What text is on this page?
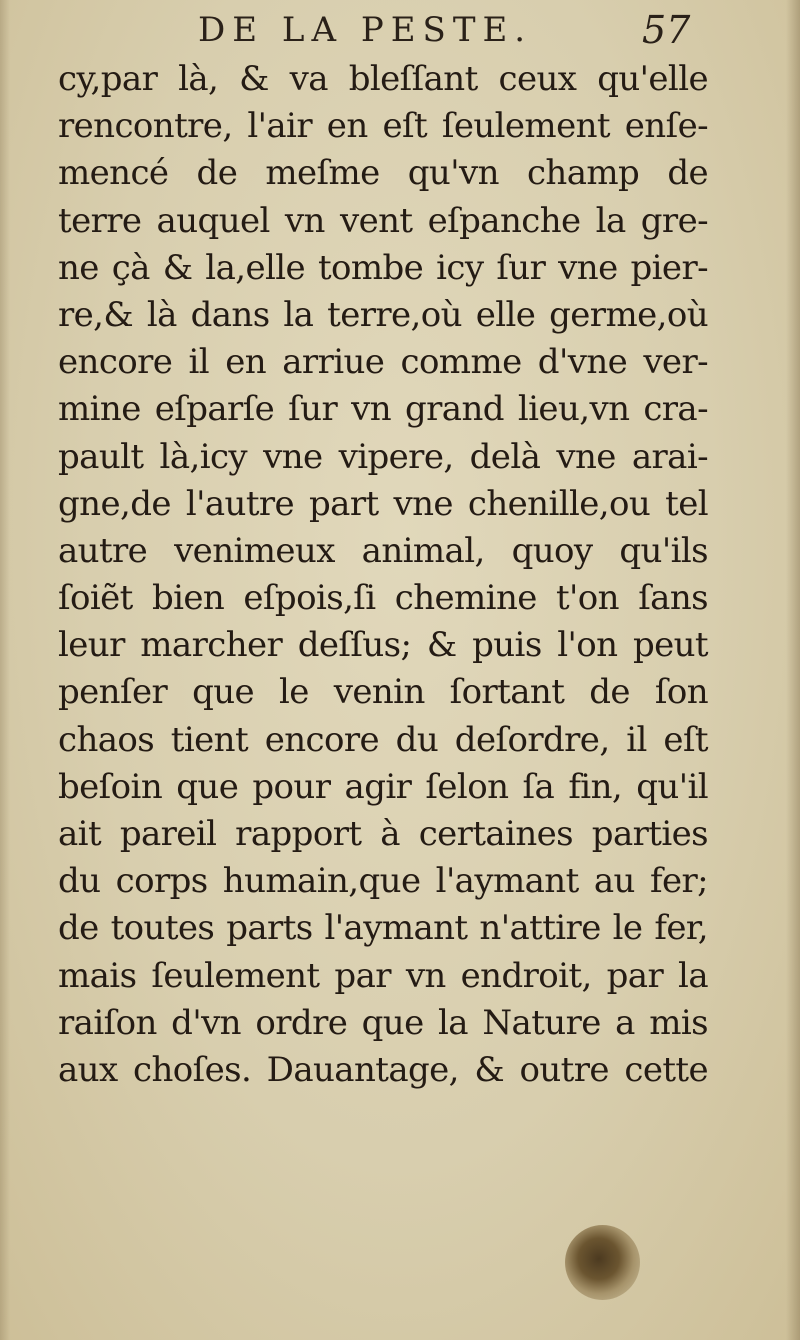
DE LA PESTE.	57
cy,par là, & va bleſſant ceux qu'elle
rencontre, l'air en eſt ſeulement enſe-
mencé de meſme qu'vn champ de
terre auquel vn vent eſpanche la gre-
ne çà & la,elle tombe icy ſur vne pier-
re,& là dans la terre,où elle germe,où
encore il en arriue comme d'vne ver-
mine eſparſe ſur vn grand lieu,vn cra-
pault là,icy vne vipere, delà vne arai-
gne,de l'autre part vne chenille,ou tel
autre venimeux animal, quoy qu'ils
ſoiẽt bien eſpois,ſi chemine t'on ſans
leur marcher deſſus; & puis l'on peut
penſer que le venin ſortant de ſon
chaos tient encore du deſordre, il eſt
beſoin que pour agir ſelon ſa fin, qu'il
ait pareil rapport à certaines parties
du corps humain,que l'aymant au fer;
de toutes parts l'aymant n'attire le fer,
mais ſeulement par vn endroit, par la
raiſon d'vn ordre que la Nature a mis
aux choſes. Dauantage, & outre cette
